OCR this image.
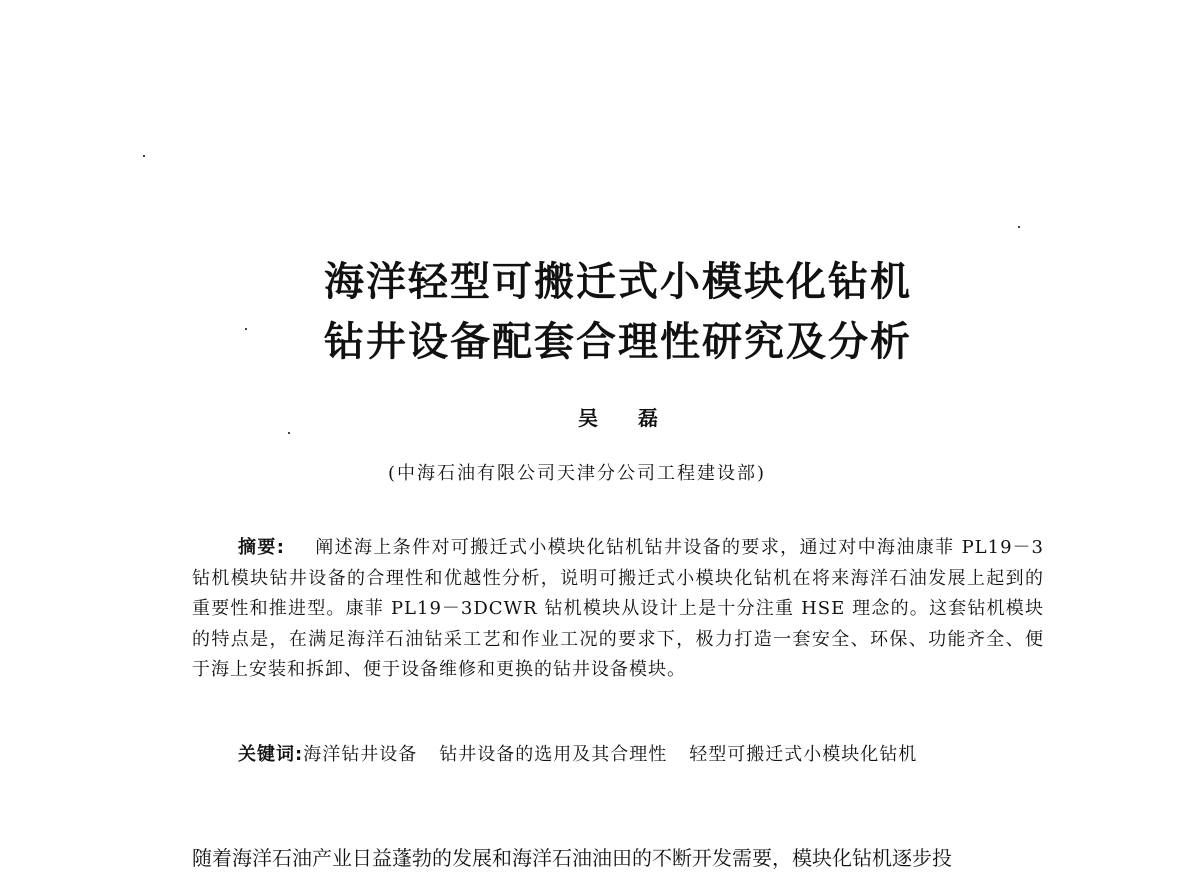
海洋轻型可搬迁式小模块化钻机
钻井设备配套合理性研究及分析
吴磊
(中海石油有限公司天津分公司工程建设部)
摘要: 阐述海上条件对可搬迁式小模块化钻机钻井设备的要求，通过对中海油康菲 PL19－3 钻机模块钻井设备的合理性和优越性分析，说明可搬迁式小模块化钻机在将来海洋石油发展上起到的重要性和推进型。康菲 PL19－3DCWR 钻机模块从设计上是十分注重 HSE 理念的。这套钻机模块的特点是，在满足海洋石油钻采工艺和作业工况的要求下，极力打造一套安全、环保、功能齐全、便于海上安装和拆卸、便于设备维修和更换的钻井设备模块。
关键词:海洋钻井设备 钻井设备的选用及其合理性 轻型可搬迁式小模块化钻机
随着海洋石油产业日益蓬勃的发展和海洋石油油田的不断开发需要，模块化钻机逐步投
